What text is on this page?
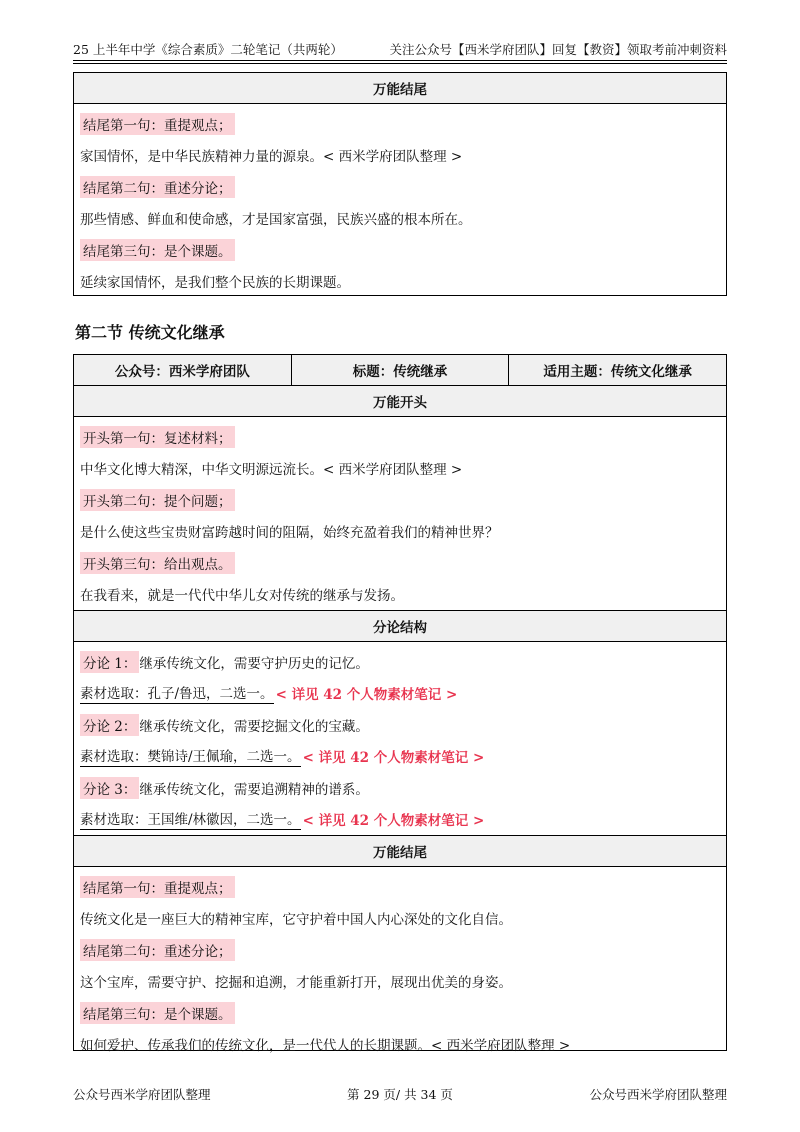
25 上半年中学《综合素质》二轮笔记（共两轮）	关注公众号【西米学府团队】回复【教资】领取考前冲刺资料
万能结尾
结尾第一句：重提观点；
家国情怀，是中华民族精神力量的源泉。< 西米学府团队整理 >
结尾第二句：重述分论；
那些情感、鲜血和使命感，才是国家富强，民族兴盛的根本所在。
结尾第三句：是个课题。
延续家国情怀，是我们整个民族的长期课题。
第二节 传统文化继承
公众号：西米学府团队	标题：传统继承	适用主题：传统文化继承
万能开头
开头第一句：复述材料；
中华文化博大精深，中华文明源远流长。< 西米学府团队整理 >
开头第二句：提个问题；
是什么使这些宝贵财富跨越时间的阻隔，始终充盈着我们的精神世界？
开头第三句：给出观点。
在我看来，就是一代代中华儿女对传统的继承与发扬。
分论结构
分论 1： 继承传统文化，需要守护历史的记忆。
素材选取：孔子/鲁迅，二选一。 < 详见 42 个人物素材笔记 >
分论 2： 继承传统文化，需要挖掘文化的宝藏。
素材选取：樊锦诗/王佩瑜，二选一。 < 详见 42 个人物素材笔记 >
分论 3： 继承传统文化，需要追溯精神的谱系。
素材选取：王国维/林徽因，二选一。 < 详见 42 个人物素材笔记 >
万能结尾
结尾第一句：重提观点；
传统文化是一座巨大的精神宝库，它守护着中国人内心深处的文化自信。
结尾第二句：重述分论；
这个宝库，需要守护、挖掘和追溯，才能重新打开，展现出优美的身姿。
结尾第三句：是个课题。
如何爱护、传承我们的传统文化，是一代代人的长期课题。< 西米学府团队整理 >
公众号西米学府团队整理	第 29 页/ 共 34 页	公众号西米学府团队整理
